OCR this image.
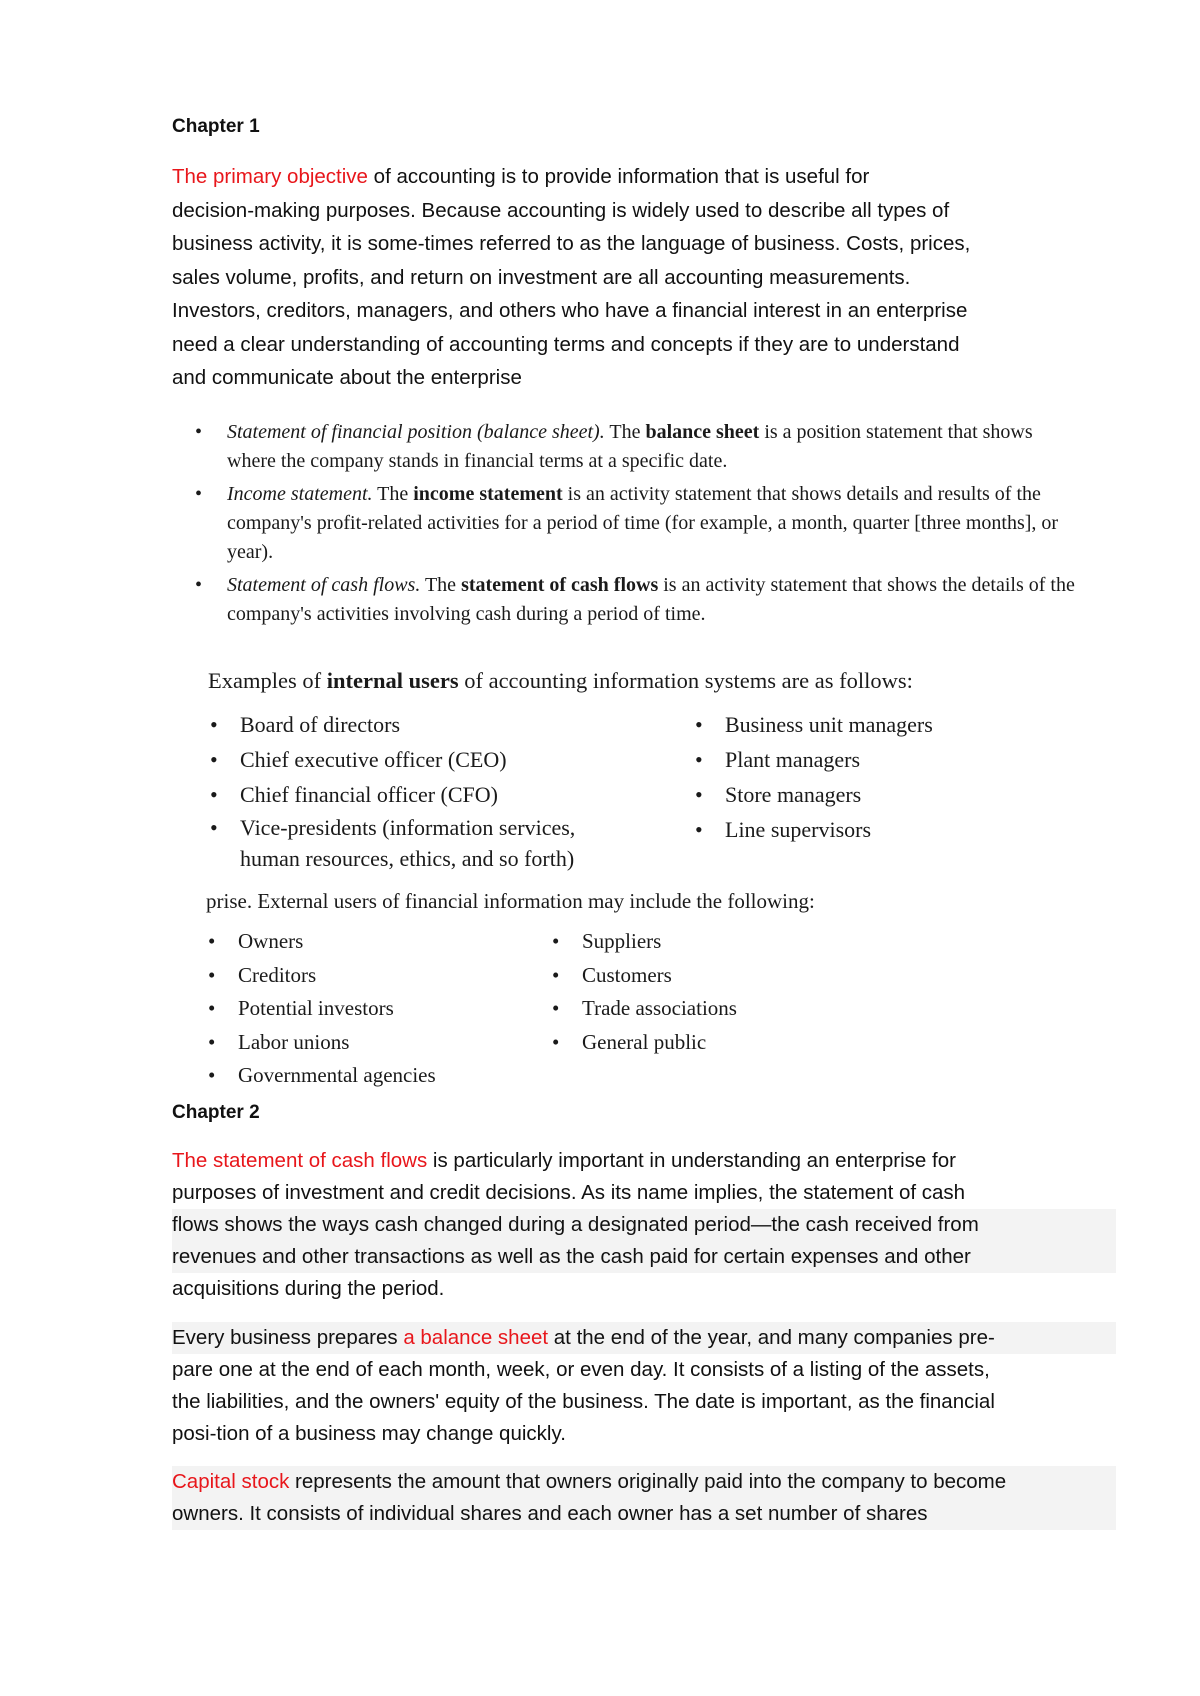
Chapter 1
The primary objective of accounting is to provide information that is useful for
decision-making purposes. Because accounting is widely used to describe all types of
business activity, it is some-times referred to as the language of business. Costs, prices,
sales volume, profits, and return on investment are all accounting measurements.
Investors, creditors, managers, and others who have a financial interest in an enterprise
need a clear understanding of accounting terms and concepts if they are to understand
and communicate about the enterprise
• Statement of financial position (balance sheet). The balance sheet is a position statement that shows where the company stands in financial terms at a specific date.
• Income statement. The income statement is an activity statement that shows details and results of the company's profit-related activities for a period of time (for example, a month, quarter [three months], or year).
• Statement of cash flows. The statement of cash flows is an activity statement that shows the details of the company's activities involving cash during a period of time.
Examples of internal users of accounting information systems are as follows:
• Board of directors
• Chief executive officer (CEO)
• Chief financial officer (CFO)
• Vice-presidents (information services, human resources, ethics, and so forth)
• Business unit managers
• Plant managers
• Store managers
• Line supervisors
prise. External users of financial information may include the following:
• Owners
• Creditors
• Potential investors
• Labor unions
• Governmental agencies
• Suppliers
• Customers
• Trade associations
• General public
Chapter 2
The statement of cash flows is particularly important in understanding an enterprise for
purposes of investment and credit decisions. As its name implies, the statement of cash
flows shows the ways cash changed during a designated period—the cash received from
revenues and other transactions as well as the cash paid for certain expenses and other
acquisitions during the period.
Every business prepares a balance sheet at the end of the year, and many companies pre-
pare one at the end of each month, week, or even day. It consists of a listing of the assets,
the liabilities, and the owners' equity of the business. The date is important, as the financial
posi-tion of a business may change quickly.
Capital stock represents the amount that owners originally paid into the company to become
owners. It consists of individual shares and each owner has a set number of shares
